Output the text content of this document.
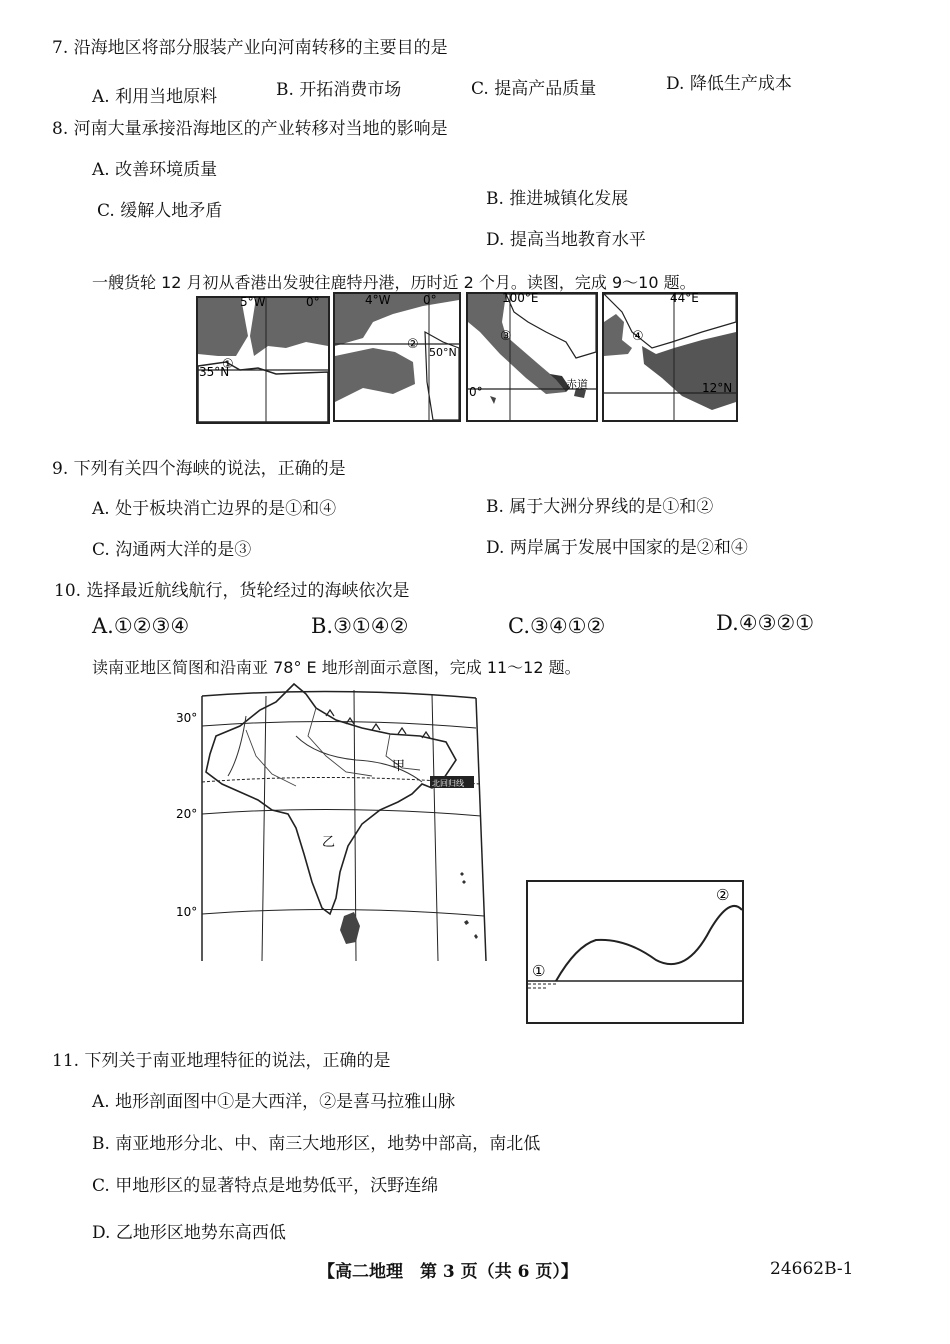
7. 沿海地区将部分服装产业向河南转移的主要目的是
A. 利用当地原料	B. 开拓消费市场	C. 提高产品质量	D. 降低生产成本
8. 河南大量承接沿海地区的产业转移对当地的影响是
A. 改善环境质量
B. 推进城镇化发展
C. 缓解人地矛盾
D. 提高当地教育水平
一艘货轮 12 月初从香港出发驶往鹿特丹港，历时近 2 个月。读图，完成 9～10 题。
5°W	0°
35°N
①
4°W	0°
50°N
②
100°E
0°
③
赤道
44°E
12°N
④
9. 下列有关四个海峡的说法，正确的是
A. 处于板块消亡边界的是①和④	B. 属于大洲分界线的是①和②
C. 沟通两大洋的是③	D. 两岸属于发展中国家的是②和④
10. 选择最近航线航行，货轮经过的海峡依次是
A.①②③④	B.③①④②	C.③④①②	D.④③②①
读南亚地区简图和沿南亚 78° E 地形剖面示意图，完成 11～12 题。
30°
20°
10°
甲
乙
北回归线
①
②
11. 下列关于南亚地理特征的说法，正确的是
A. 地形剖面图中①是大西洋，②是喜马拉雅山脉
B. 南亚地形分北、中、南三大地形区，地势中部高，南北低
C. 甲地形区的显著特点是地势低平，沃野连绵
D. 乙地形区地势东高西低
【高二地理　第 3 页（共 6 页）】	24662B-1
